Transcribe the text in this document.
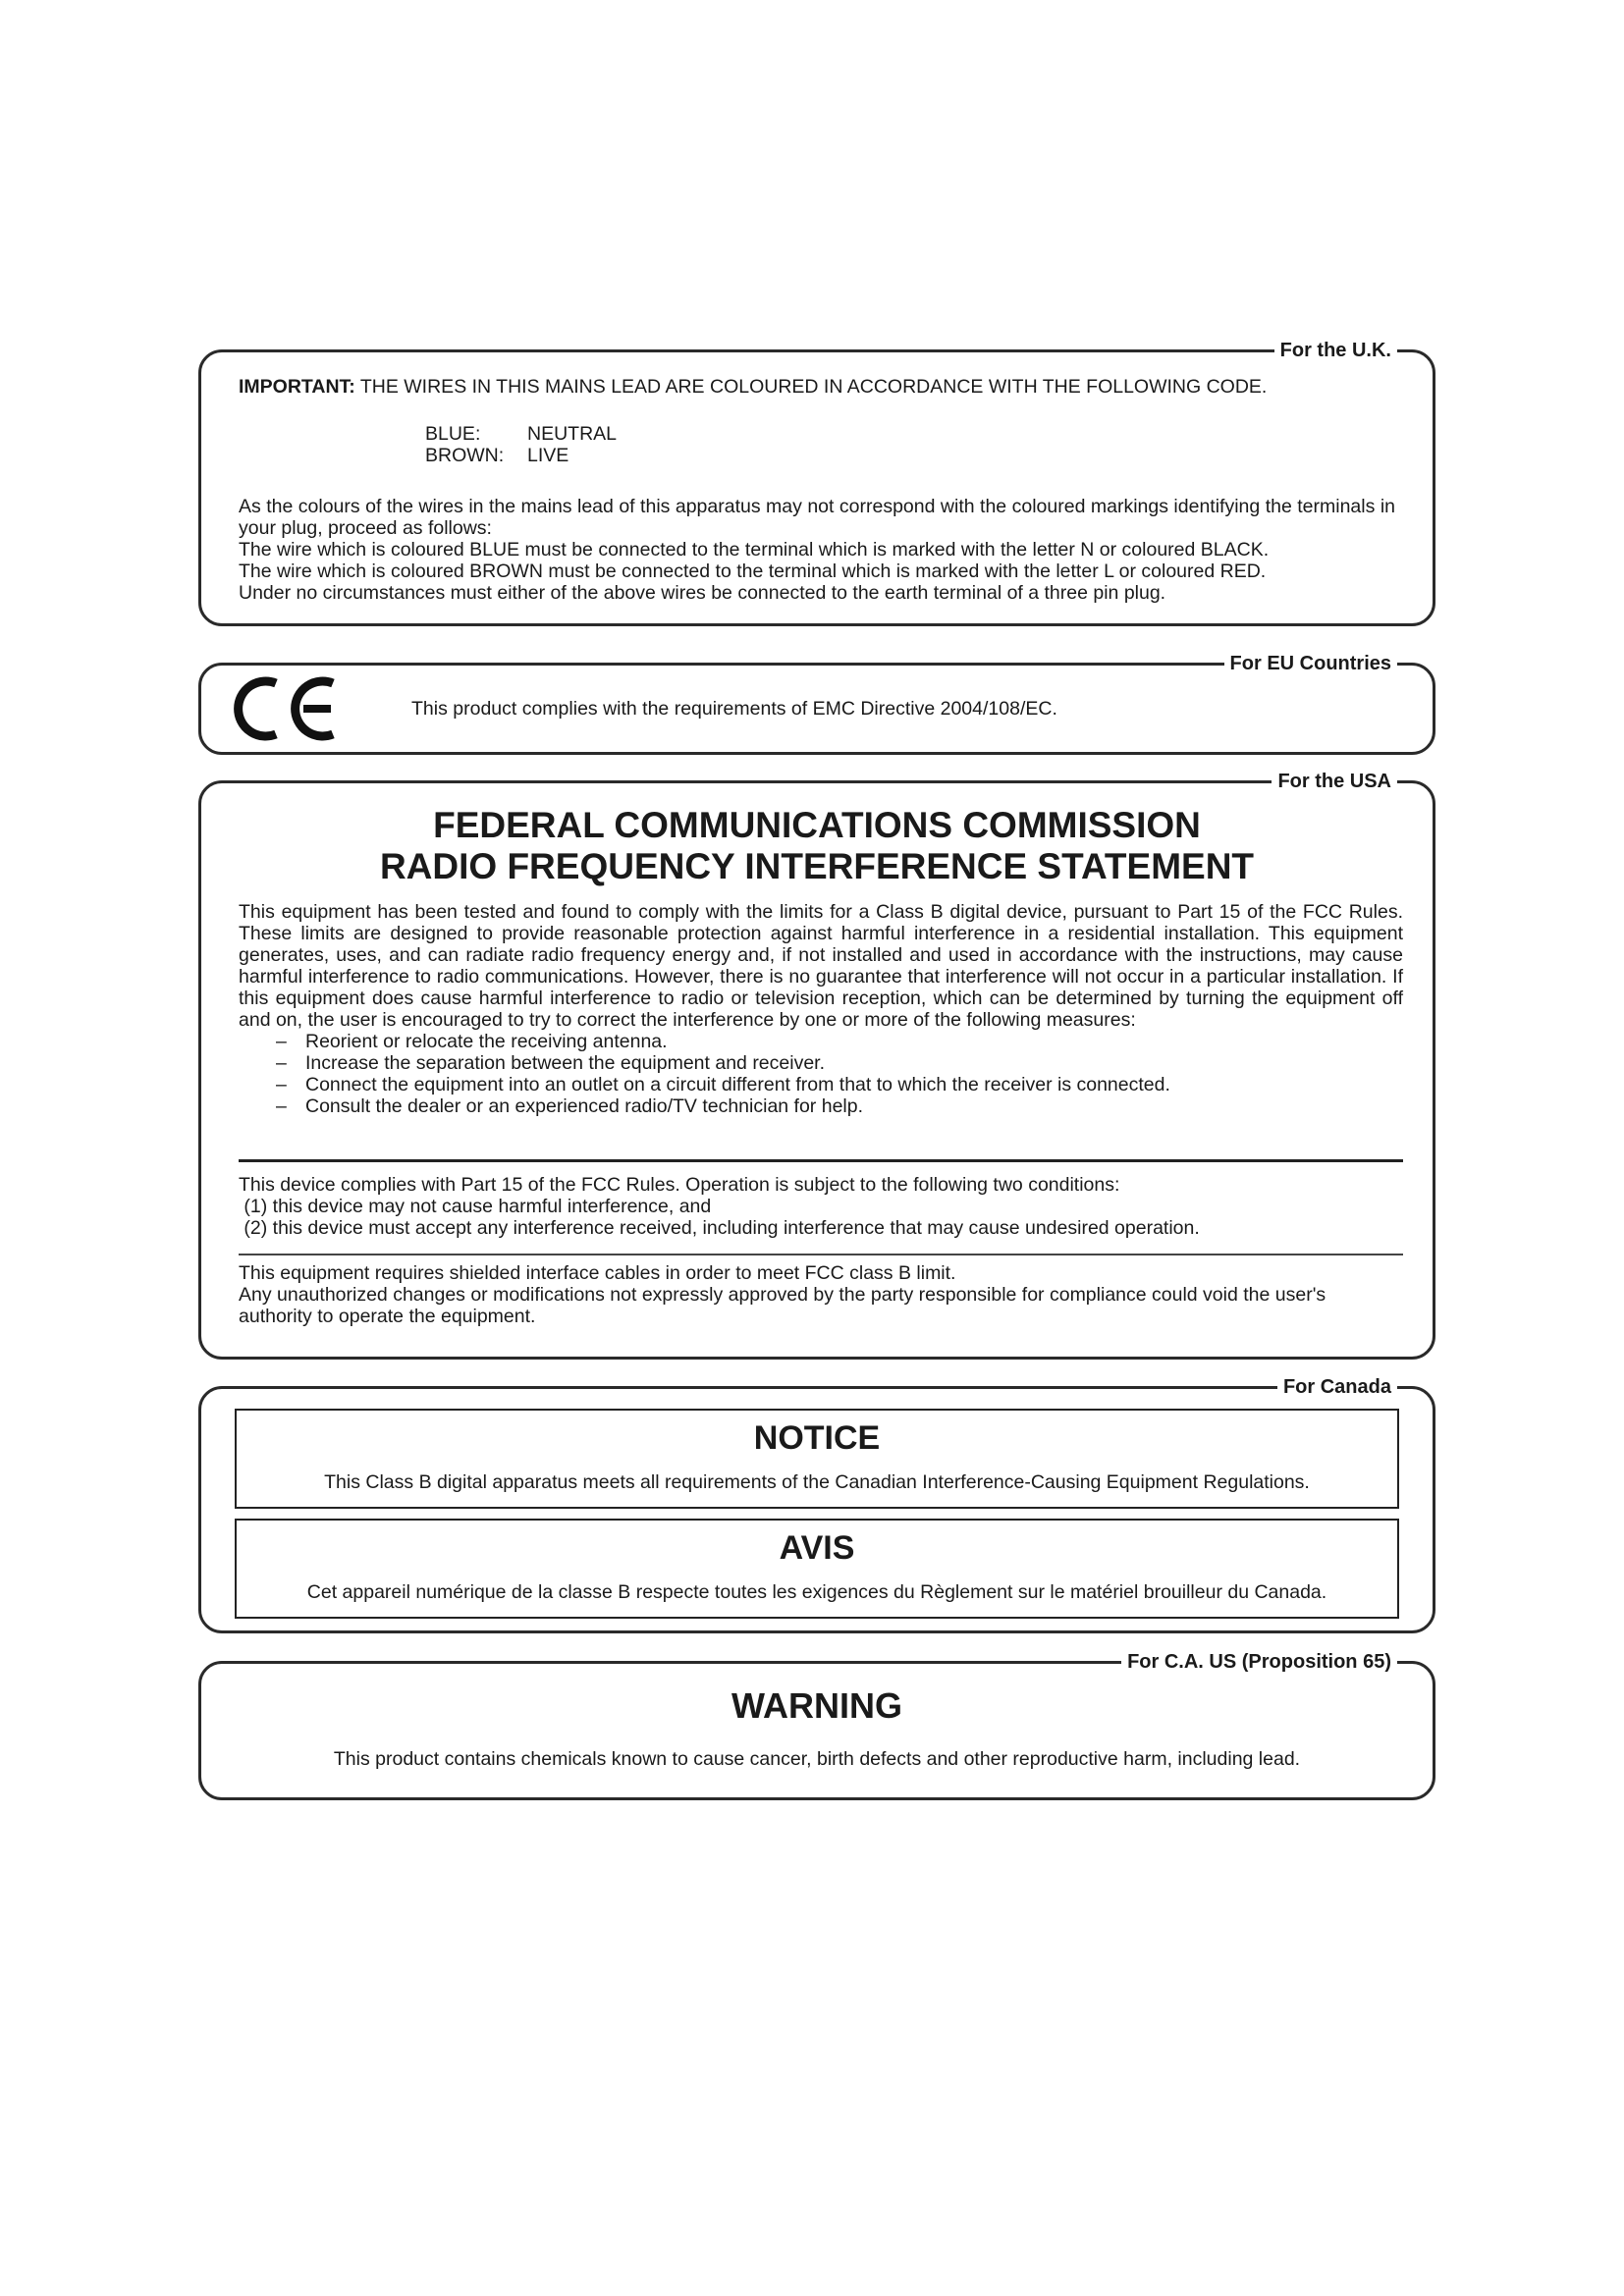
For the U.K.
IMPORTANT: THE WIRES IN THIS MAINS LEAD ARE COLOURED IN ACCORDANCE WITH THE FOLLOWING CODE.
BLUE: NEUTRAL
BROWN: LIVE
As the colours of the wires in the mains lead of this apparatus may not correspond with the coloured markings identifying the terminals in your plug, proceed as follows:
The wire which is coloured BLUE must be connected to the terminal which is marked with the letter N or coloured BLACK.
The wire which is coloured BROWN must be connected to the terminal which is marked with the letter L or coloured RED.
Under no circumstances must either of the above wires be connected to the earth terminal of a three pin plug.
For EU Countries
This product complies with the requirements of EMC Directive 2004/108/EC.
For the USA
FEDERAL COMMUNICATIONS COMMISSION
RADIO FREQUENCY INTERFERENCE STATEMENT
This equipment has been tested and found to comply with the limits for a Class B digital device, pursuant to Part 15 of the FCC Rules. These limits are designed to provide reasonable protection against harmful interference in a residential installation. This equipment generates, uses, and can radiate radio frequency energy and, if not installed and used in accordance with the instructions, may cause harmful interference to radio communications. However, there is no guarantee that interference will not occur in a particular installation. If this equipment does cause harmful interference to radio or television reception, which can be determined by turning the equipment off and on, the user is encouraged to try to correct the interference by one or more of the following measures:
– Reorient or relocate the receiving antenna.
– Increase the separation between the equipment and receiver.
– Connect the equipment into an outlet on a circuit different from that to which the receiver is connected.
– Consult the dealer or an experienced radio/TV technician for help.
This device complies with Part 15 of the FCC Rules. Operation is subject to the following two conditions:
(1) this device may not cause harmful interference, and
(2) this device must accept any interference received, including interference that may cause undesired operation.
This equipment requires shielded interface cables in order to meet FCC class B limit.
Any unauthorized changes or modifications not expressly approved by the party responsible for compliance could void the user's authority to operate the equipment.
For Canada
NOTICE
This Class B digital apparatus meets all requirements of the Canadian Interference-Causing Equipment Regulations.
AVIS
Cet appareil numérique de la classe B respecte toutes les exigences du Règlement sur le matériel brouilleur du Canada.
For C.A. US (Proposition 65)
WARNING
This product contains chemicals known to cause cancer, birth defects and other reproductive harm, including lead.
